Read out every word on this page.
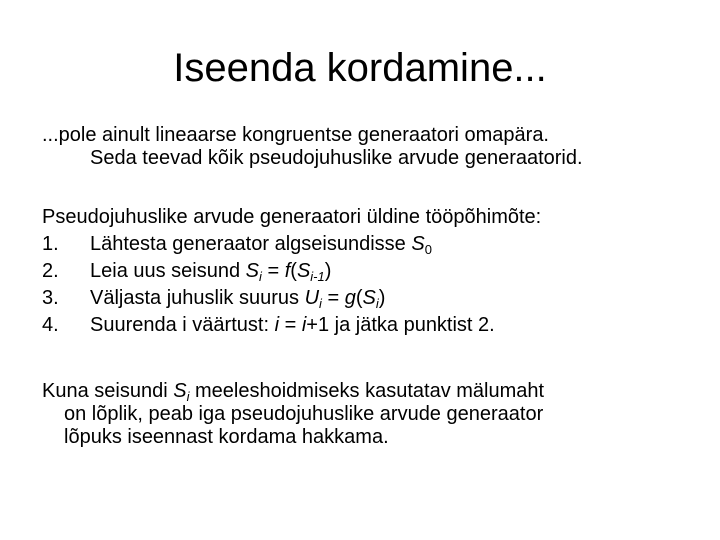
Iseenda kordamine...
...pole ainult lineaarse kongruentse generaatori omapära.
Seda teevad kõik pseudojuhuslike arvude generaatorid.
Pseudojuhuslike arvude generaatori üldine tööpõhimõte:
1. Lähtesta generaator algseisundisse $S_0$
2. Leia uus seisund $S_i = f(S_{i-1})$
3. Väljasta juhuslik suurus $U_i = g(S_i)$
4. Suurenda i väärtust: i = i+1 ja jätka punktist 2.
Kuna seisundi $S_i$ meeleshoidmiseks kasutatav mälumaht
on lõplik, peab iga pseudojuhuslike arvude generaator
lõpuks iseennast kordama hakkama.
